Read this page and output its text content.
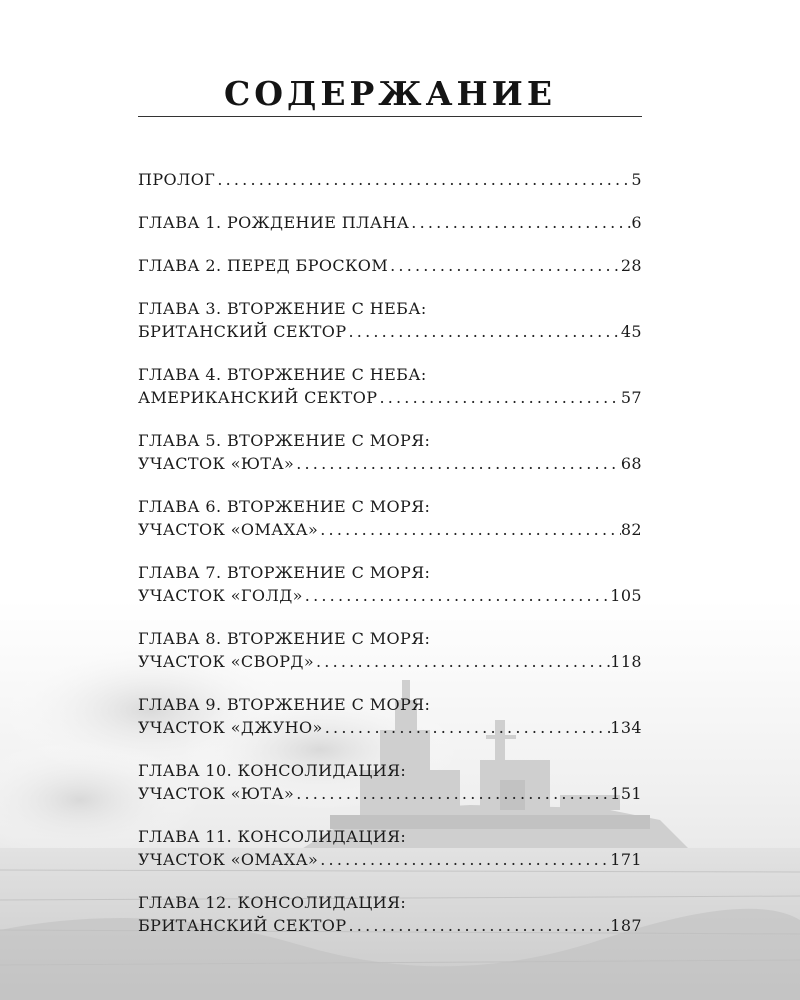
СОДЕРЖАНИЕ
ПРОЛОГ .....	5
ГЛАВА 1. РОЖДЕНИЕ ПЛАНА .....	6
ГЛАВА 2. ПЕРЕД БРОСКОМ .....	28
ГЛАВА 3. ВТОРЖЕНИЕ С НЕБА:
БРИТАНСКИЙ СЕКТОР .....	45
ГЛАВА 4. ВТОРЖЕНИЕ С НЕБА:
АМЕРИКАНСКИЙ СЕКТОР .....	57
ГЛАВА 5. ВТОРЖЕНИЕ С МОРЯ:
УЧАСТОК «ЮТА» .....	68
ГЛАВА 6. ВТОРЖЕНИЕ С МОРЯ:
УЧАСТОК «ОМАХА» .....	82
ГЛАВА 7. ВТОРЖЕНИЕ С МОРЯ:
УЧАСТОК «ГОЛД» .....	105
ГЛАВА 8. ВТОРЖЕНИЕ С МОРЯ:
УЧАСТОК «СВОРД» .....	118
ГЛАВА 9. ВТОРЖЕНИЕ С МОРЯ:
УЧАСТОК «ДЖУНО» .....	134
ГЛАВА 10. КОНСОЛИДАЦИЯ:
УЧАСТОК «ЮТА» .....	151
ГЛАВА 11. КОНСОЛИДАЦИЯ:
УЧАСТОК «ОМАХА» .....	171
ГЛАВА 12. КОНСОЛИДАЦИЯ:
БРИТАНСКИЙ СЕКТОР .....	187
